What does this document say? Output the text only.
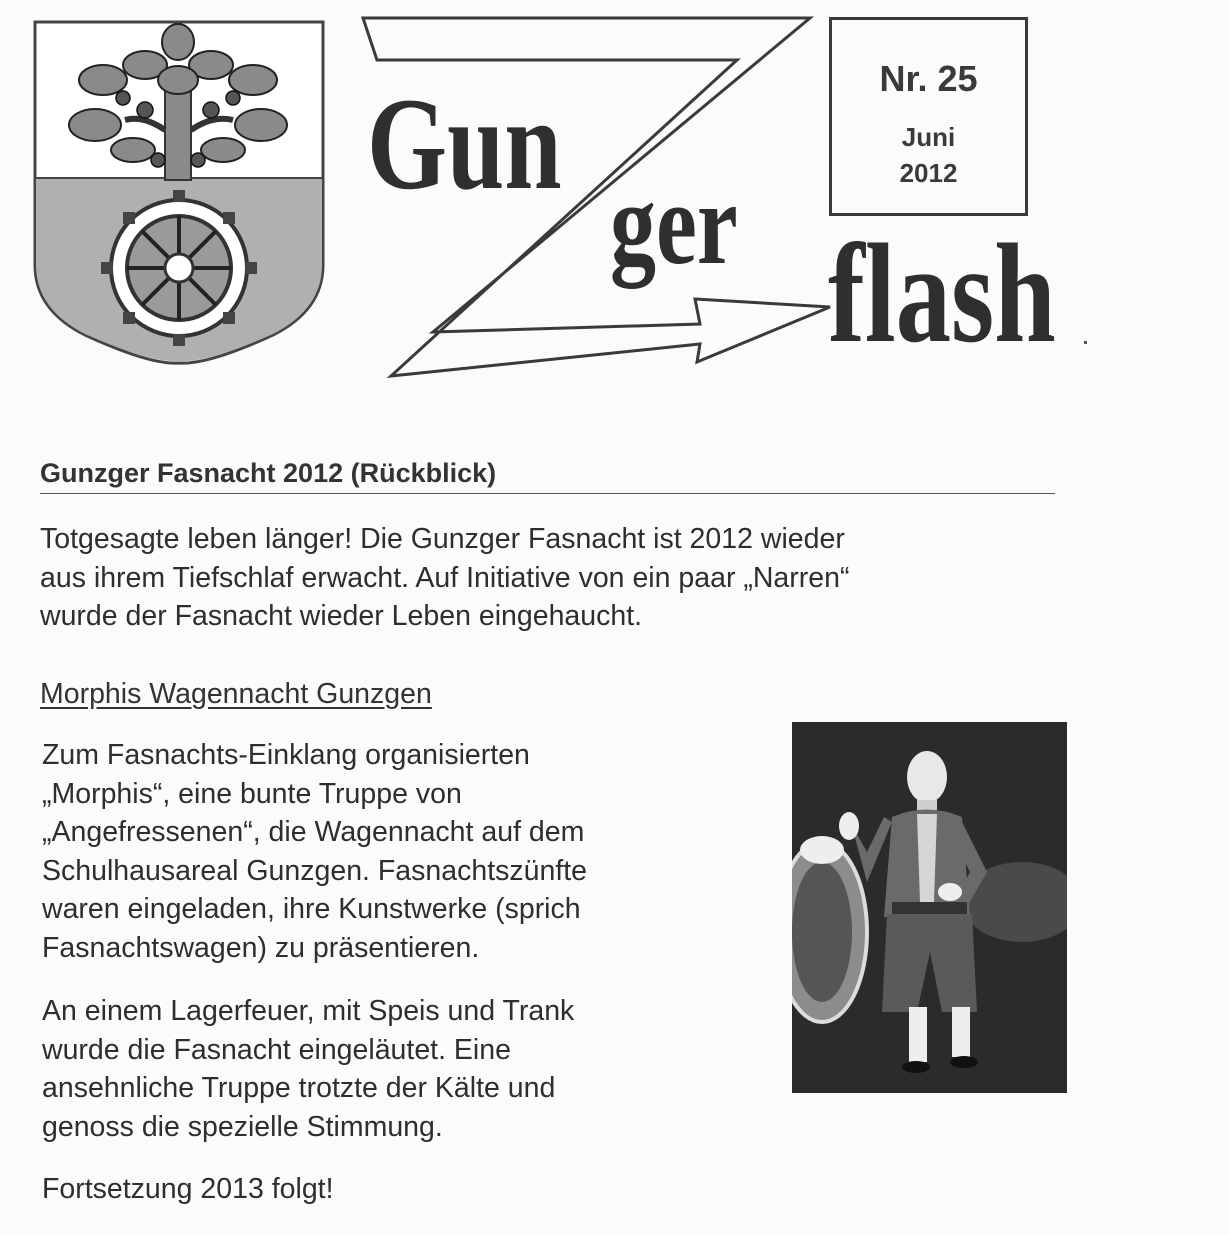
Gun
ger flash
Nr. 25
Juni
2012
Gunzger Fasnacht 2012 (Rückblick)
Totgesagte leben länger! Die Gunzger Fasnacht ist 2012 wieder
aus ihrem Tiefschlaf erwacht. Auf Initiative von ein paar „Narren“
wurde der Fasnacht wieder Leben eingehaucht.
Morphis Wagennacht Gunzgen
Zum Fasnachts-Einklang organisierten
„Morphis“, eine bunte Truppe von
„Angefressenen“, die Wagennacht auf dem
Schulhausareal Gunzgen. Fasnachtszünfte
waren eingeladen, ihre Kunstwerke (sprich
Fasnachtswagen) zu präsentieren.
An einem Lagerfeuer, mit Speis und Trank
wurde die Fasnacht eingeläutet. Eine
ansehnliche Truppe trotzte der Kälte und
genoss die spezielle Stimmung.
Fortsetzung 2013 folgt!
